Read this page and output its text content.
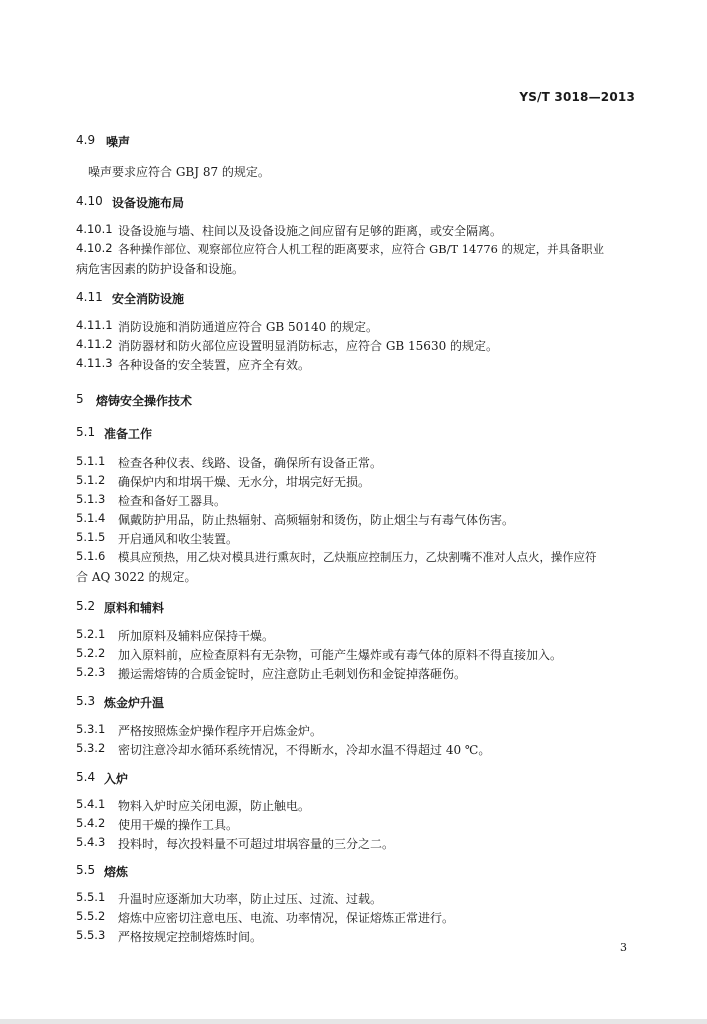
YS/T 3018—2013
4.9 噪声
噪声要求应符合 GBJ 87 的规定。
4.10 设备设施布局
4.10.1 设备设施与墙、柱间以及设备设施之间应留有足够的距离，或安全隔离。
4.10.2 各种操作部位、观察部位应符合人机工程的距离要求，应符合 GB/T 14776 的规定，并具备职业
病危害因素的防护设备和设施。
4.11 安全消防设施
4.11.1 消防设施和消防通道应符合 GB 50140 的规定。
4.11.2 消防器材和防火部位应设置明显消防标志，应符合 GB 15630 的规定。
4.11.3 各种设备的安全装置，应齐全有效。
5 熔铸安全操作技术
5.1 准备工作
5.1.1 检查各种仪表、线路、设备，确保所有设备正常。
5.1.2 确保炉内和坩埚干燥、无水分，坩埚完好无损。
5.1.3 检查和备好工器具。
5.1.4 佩戴防护用品，防止热辐射、高频辐射和烫伤，防止烟尘与有毒气体伤害。
5.1.5 开启通风和收尘装置。
5.1.6 模具应预热，用乙炔对模具进行熏灰时，乙炔瓶应控制压力，乙炔割嘴不准对人点火，操作应符
合 AQ 3022 的规定。
5.2 原料和辅料
5.2.1 所加原料及辅料应保持干燥。
5.2.2 加入原料前，应检查原料有无杂物，可能产生爆炸或有毒气体的原料不得直接加入。
5.2.3 搬运需熔铸的合质金锭时，应注意防止毛刺划伤和金锭掉落砸伤。
5.3 炼金炉升温
5.3.1 严格按照炼金炉操作程序开启炼金炉。
5.3.2 密切注意冷却水循环系统情况，不得断水，冷却水温不得超过 40 ℃。
5.4 入炉
5.4.1 物料入炉时应关闭电源，防止触电。
5.4.2 使用干燥的操作工具。
5.4.3 投料时，每次投料量不可超过坩埚容量的三分之二。
5.5 熔炼
5.5.1 升温时应逐渐加大功率，防止过压、过流、过载。
5.5.2 熔炼中应密切注意电压、电流、功率情况，保证熔炼正常进行。
5.5.3 严格按规定控制熔炼时间。
3
